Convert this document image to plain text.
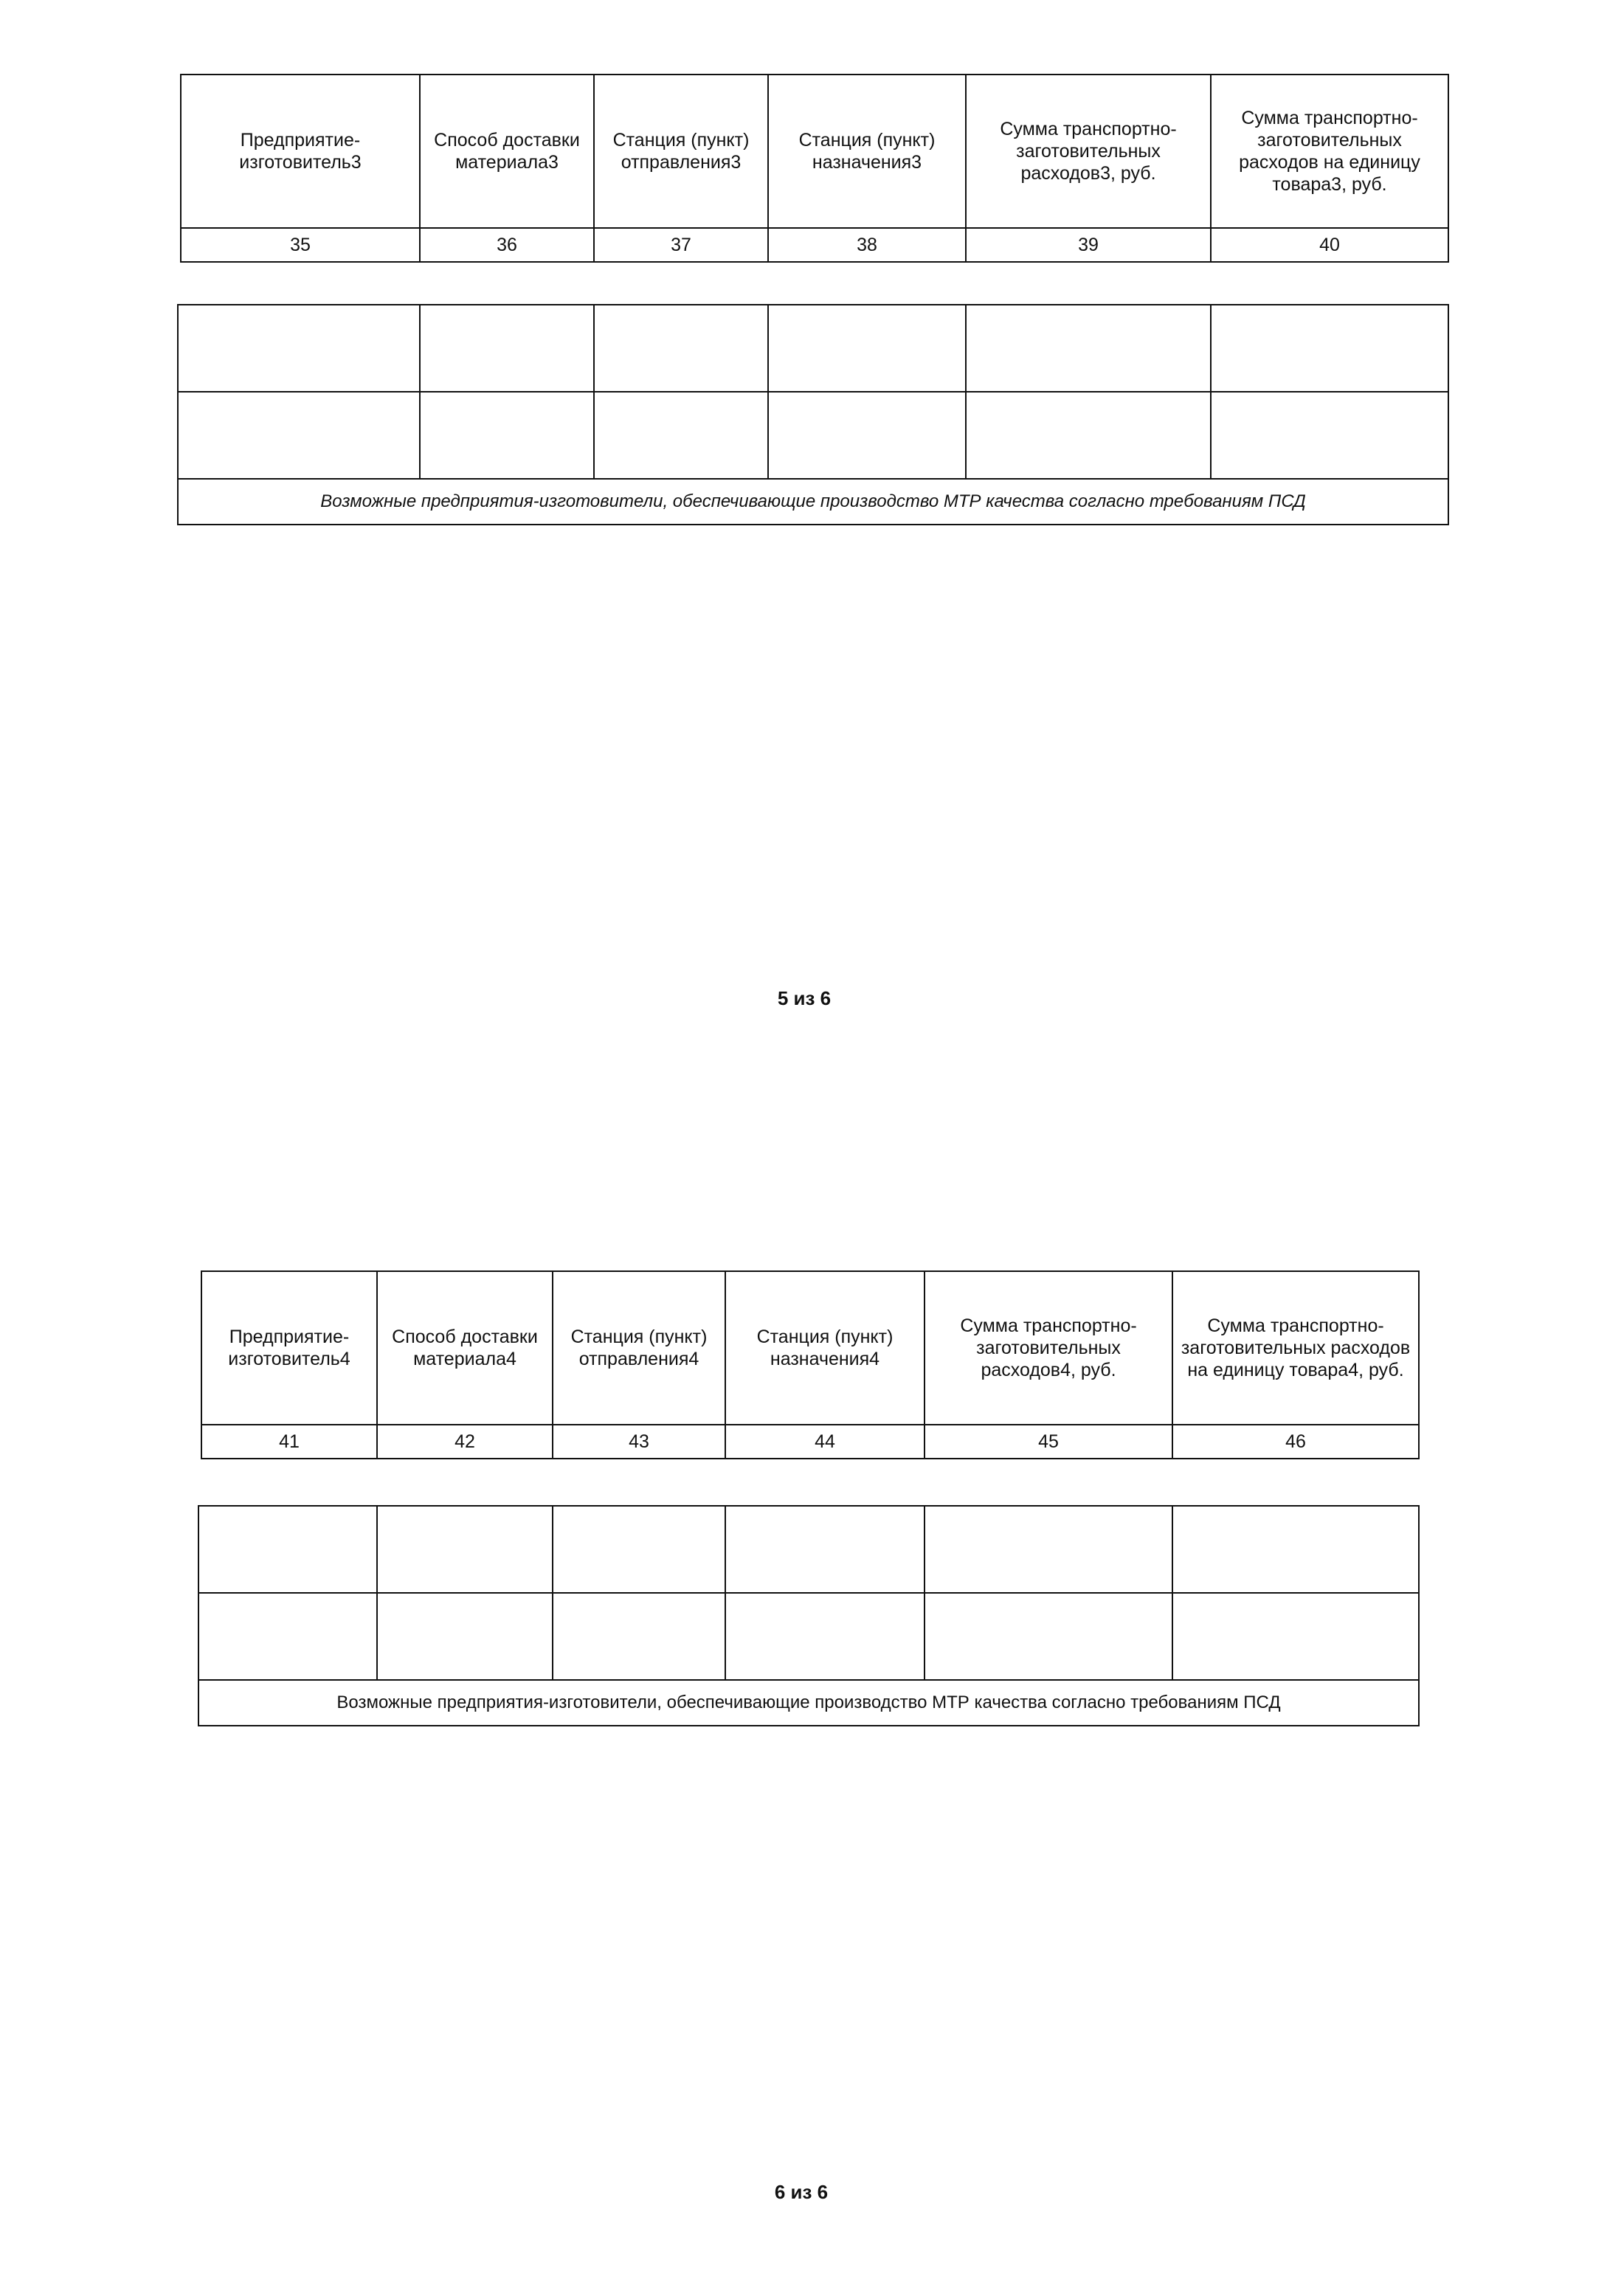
Предприятие-изготовитель3	Способ доставки материала3	Станция (пункт) отправления3	Станция (пункт) назначения3	Сумма транспортно-заготовительных расходов3, руб.	Сумма транспортно-заготовительных расходов на единицу товара3, руб.
35	36	37	38	39	40

Возможные предприятия-изготовители, обеспечивающие производство МТР качества согласно требованиям ПСД					
5 из 6
Предприятие-изготовитель4	Способ доставки материала4	Станция (пункт) отправления4	Станция (пункт) назначения4	Сумма транспортно-заготовительных расходов4, руб.	Сумма транспортно-заготовительных расходов на единицу товара4, руб.
41	42	43	44	45	46

Возможные предприятия-изготовители, обеспечивающие производство МТР качества согласно требованиям ПСД					
6 из 6
